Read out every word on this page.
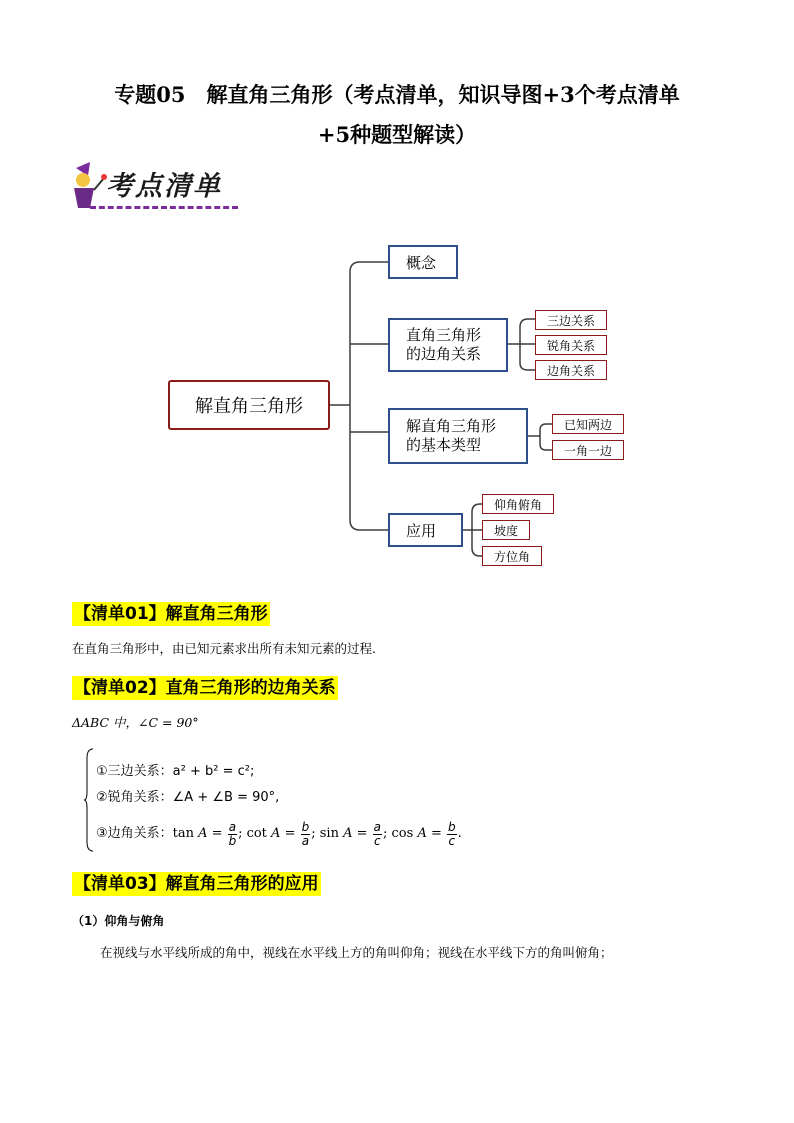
专题05　解直角三角形（考点清单，知识导图+3个考点清单
+5种题型解读）
考点清单
解直角三角形
概念
直角三角形
的边角关系
解直角三角形
的基本类型
应用
三边关系
锐角关系
边角关系
已知两边
一角一边
仰角俯角
坡度
方位角
【清单01】解直角三角形
在直角三角形中，由已知元素求出所有未知元素的过程.
【清单02】直角三角形的边角关系
ΔABC 中，∠C = 90°
①三边关系：a² + b² = c²;
②锐角关系：∠A + ∠B = 90°,
③边角关系： $\tan A = \frac{a}{b}$ ; $\cot A = \frac{b}{a}$ ; $\sin A = \frac{a}{c}$ ; $\cos A = \frac{b}{c}$ .
【清单03】解直角三角形的应用
（1）仰角与俯角
在视线与水平线所成的角中，视线在水平线上方的角叫仰角；视线在水平线下方的角叫俯角；
